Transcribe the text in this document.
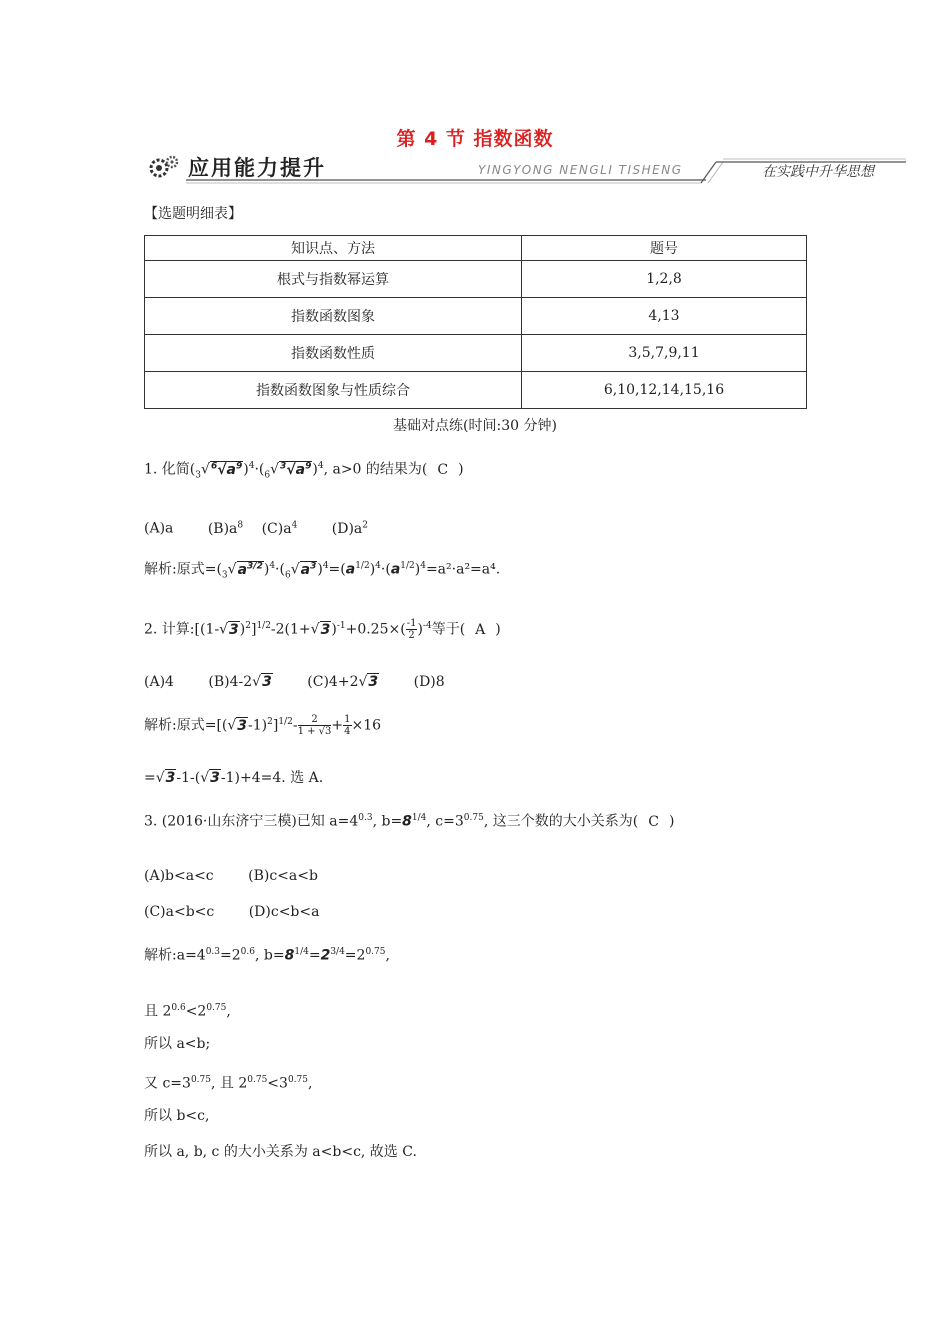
第 4 节 指数函数
应用能力提升	YINGYONG NENGLI TISHENG	在实践中升华思想
【选题明细表】
知识点、方法	题号
根式与指数幂运算	1,2,8
指数函数图象	4,13
指数函数性质	3,5,7,9,11
指数函数图象与性质综合	6,10,12,14,15,16
基础对点练(时间:30 分钟)
1. 化简$(_3√^6√a^9)^4\cdot(_6√^3√a^9)^4$, a>0 的结果为( C )
(A)a $(B)a^8$ $(C)a^4$ $(D)a^2$
解析:原式$=(_3√a^{3/2})^4\cdot(_6√a^3)^4=(a^{1/2})^4\cdot(a^{1/2})^4=a^2\cdot a^2=a^4$.
2. 计算$:[(1-√3)^2]^{1/2}-2(1+√3)^{-1}+0.25\times( \frac{-1}{2} )^{-4}$等于( A )
(A)4 (B)4-2√3	(C)4+2√3	(D)8
解析:原式$=[(√3-1)^2]^{1/2}- \frac{2}{1 + √3} + \frac{1}{4} \times 16$
=√3-1-(√3-1)+4=4. 选 A.
3. (2016·山东济宁三模)已知 $a=4^{0.3}$, $b=8^{1/4}$, $c=3^{0.75}$, 这三个数的大小关系为( C )
(A)b<a<c (B)c<a<b
(C)a<b<c (D)c<b<a
解析$:a=4^{0.3}=2^{0.6}$, $b=8^{1/4}=2^{3/4}=2^{0.75}$,
且 $2^{0.6}<2^{0.75}$,
所以 a<b;
又 $c=3^{0.75}$, 且 $2^{0.75}<3^{0.75}$,
所以 b<c,
所以 a, b, c 的大小关系为 a<b<c, 故选 C.
